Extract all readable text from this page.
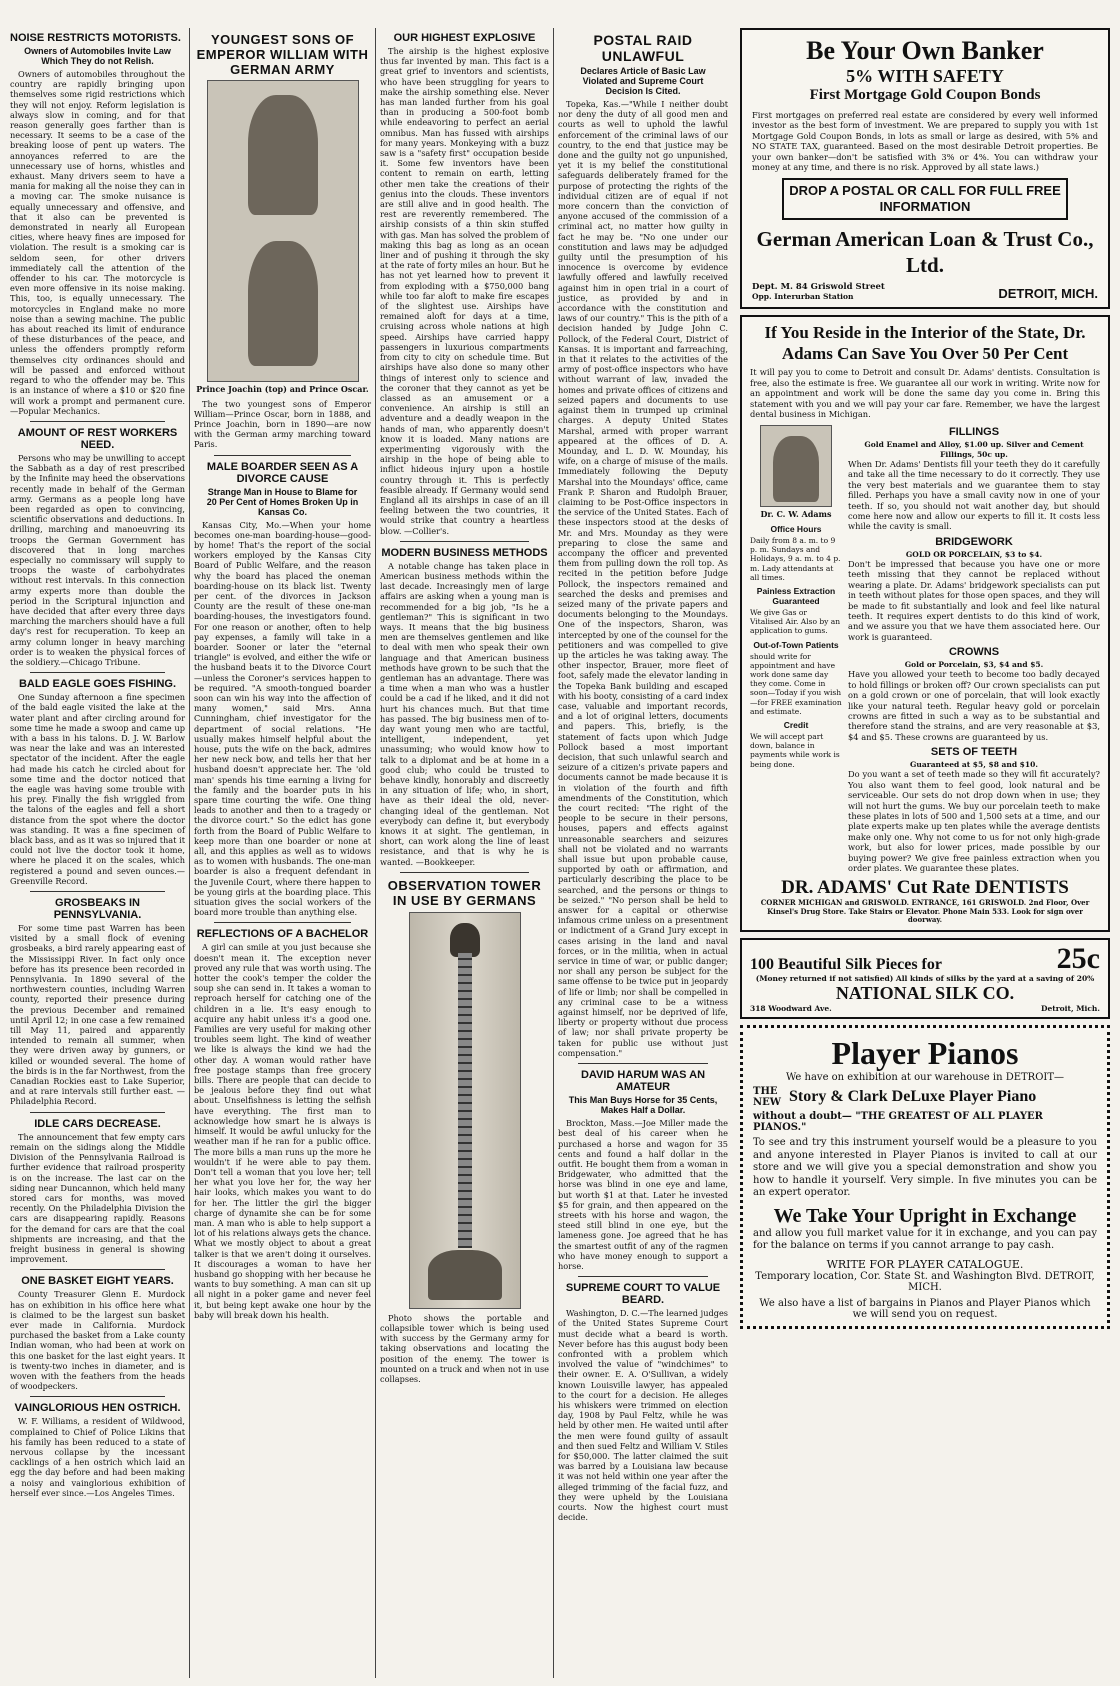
NOISE RESTRICTS MOTORISTS.
Owners of Automobiles Invite Law Which They do not Relish.

Owners of automobiles throughout the country are rapidly bringing upon themselves some rigid restrictions which they will not enjoy. Reform legislation is always slow in coming, and for that reason generally goes farther than is necessary. It seems to be a case of the breaking loose of pent up waters. The annoyances referred to are the unnecessary use of horns, whistles and exhaust. Many drivers seem to have a mania for making all the noise they can in a moving car. The smoke nuisance is equally unnecessary and offensive, and that it also can be prevented is demonstrated in nearly all European cities, where heavy fines are imposed for violation. The result is a smoking car is seldom seen, for other drivers immediately call the attention of the offender to his car. The motorcycle is even more offensive in its noise making. This, too, is equally unnecessary. The motorcycles in England make no more noise than a sewing machine. The public has about reached its limit of endurance of these disturbances of the peace, and unless the offenders promptly reform themselves city ordinances should and will be passed and enforced without regard to who the offender may be. This is an instance of where a $10 or $20 fine will work a prompt and permanent cure.—Popular Mechanics.

AMOUNT OF REST WORKERS NEED.

Persons who may be unwilling to accept the Sabbath as a day of rest prescribed by the Infinite may heed the observations recently made in behalf of the German army. Germans as a people long have been regarded as open to convincing, scientific observations and deductions. In drilling, marching and manoeuvring its troops the German Government has discovered that in long marches especially no commissary will supply to troops the waste of carbohydrates without rest intervals. In this connection army experts more than double the period in the Scriptural injunction and have decided that after every three days marching the marchers should have a full day's rest for recuperation. To keep an army column longer in heavy marching order is to weaken the physical forces of the soldiery.—Chicago Tribune.

BALD EAGLE GOES FISHING.

One Sunday afternoon a fine specimen of the bald eagle visited the lake at the water plant and after circling around for some time he made a swoop and came up with a bass in his talons. D. J. W. Barlow was near the lake and was an interested spectator of the incident. After the eagle had made his catch he circled about for some time and the doctor noticed that the eagle was having some trouble with his prey. Finally the fish wriggled from the talons of the eagles and fell a short distance from the spot where the doctor was standing. It was a fine specimen of black bass, and as it was so injured that it could not live the doctor took it home, where he placed it on the scales, which registered a pound and seven ounces.—Greenville Record.

GROSBEAKS IN PENNSYLVANIA.

For some time past Warren has been visited by a small flock of evening grosbeaks, a bird rarely appearing east of the Mississippi River. In fact only once before has its presence been recorded in Pennsylvania. In 1890 several of the northwestern counties, including Warren county, reported their presence during the previous December and remained until April 12; in one case a few remained till May 11, paired and apparently intended to remain all summer, when they were driven away by gunners, or killed or wounded several. The home of the birds is in the far Northwest, from the Canadian Rockies east to Lake Superior, and at rare intervals still further east. — Philadelphia Record.

IDLE CARS DECREASE.

The announcement that few empty cars remain on the sidings along the Middle Division of the Pennsylvania Railroad is further evidence that railroad prosperity is on the increase. The last car on the siding near Duncannon, which held many stored cars for months, was moved recently. On the Philadelphia Division the cars are disappearing rapidly. Reasons for the demand for cars are that the coal shipments are increasing, and that the freight business in general is showing improvement.

ONE BASKET EIGHT YEARS.

County Treasurer Glenn E. Murdock has on exhibition in his office here what is claimed to be the largest sun basket ever made in California. Murdock purchased the basket from a Lake county Indian woman, who had been at work on this one basket for the last eight years. It is twenty-two inches in diameter, and is woven with the feathers from the heads of woodpeckers.

VAINGLORIOUS HEN OSTRICH.

W. F. Williams, a resident of Wildwood, complained to Chief of Police Likins that his family has been reduced to a state of nervous collapse by the incessant cacklings of a hen ostrich which laid an egg the day before and had been making a noisy and vainglorious exhibition of herself ever since.—Los Angeles Times.

YOUNGEST SONS OF EMPEROR WILLIAM WITH GERMAN ARMY
Prince Joachin (top) and Prince Oscar.

The two youngest sons of Emperor William—Prince Oscar, born in 1888, and Prince Joachin, born in 1890—are now with the German army marching toward Paris.

MALE BOARDER SEEN AS A DIVORCE CAUSE
Strange Man in House to Blame for 20 Per Cent of Homes Broken Up in Kansas Co.

Kansas City, Mo.—When your home becomes one-man boarding-house—good-by home! That's the report of the social workers employed by the Kansas City Board of Public Welfare, and the reason why the board has placed the oneman boarding-house on its black list. Twenty per cent. of the divorces in Jackson County are the result of these one-man boarding-houses, the investigators found. For one reason or another, often to help pay expenses, a family will take in a boarder. Sooner or later the "eternal triangle" is evolved, and either the wife or the husband beats it to the Divorce Court—unless the Coroner's services happen to be required. "A smooth-tongued boarder soon can win his way into the affection of many women," said Mrs. Anna Cunningham, chief investigator for the department of social relations. "He usually makes himself helpful about the house, puts the wife on the back, admires her new neck bow, and tells her that her husband doesn't appreciate her. The 'old man' spends his time earning a living for the family and the boarder puts in his spare time courting the wife. One thing leads to another and then to a tragedy or the divorce court." So the edict has gone forth from the Board of Public Welfare to keep more than one boarder or none at all, and this applies as well as to widows as to women with husbands. The one-man boarder is also a frequent defendant in the Juvenile Court, where there happen to be young girls at the boarding place. This situation gives the social workers of the board more trouble than anything else.

REFLECTIONS OF A BACHELOR

A girl can smile at you just because she doesn't mean it. The exception never proved any rule that was worth using. The hotter the cook's temper the colder the soup she can send in. It takes a woman to reproach herself for catching one of the children in a lie. It's easy enough to acquire any habit unless it's a good one. Families are very useful for making other troubles seem light. The kind of weather we like is always the kind we had the other day. A woman would rather have free postage stamps than free grocery bills. There are people that can decide to be jealous before they find out what about. Unselfishness is letting the selfish have everything. The first man to acknowledge how smart he is always is himself. It would be awful unlucky for the weather man if he ran for a public office. The more bills a man runs up the more he wouldn't if he were able to pay them. Don't tell a woman that you love her; tell her what you love her for, the way her hair looks, which makes you want to do for her. The littler the girl the bigger charge of dynamite she can be for some man. A man who is able to help support a lot of his relations always gets the chance. What we mostly object to about a great talker is that we aren't doing it ourselves. It discourages a woman to have her husband go shopping with her because he wants to buy something. A man can sit up all night in a poker game and never feel it, but being kept awake one hour by the baby will break down his health.

OUR HIGHEST EXPLOSIVE

The airship is the highest explosive thus far invented by man. This fact is a great grief to inventors and scientists, who have been struggling for years to make the airship something else. Never has man landed further from his goal than in producing a 500-foot bomb while endeavoring to perfect an aerial omnibus. Man has fussed with airships for many years. Monkeying with a buzz saw is a "safety first" occupation beside it. Some few inventors have been content to remain on earth, letting other men take the creations of their genius into the clouds. These inventors are still alive and in good health. The rest are reverently remembered. The airship consists of a thin skin stuffed with gas. Man has solved the problem of making this bag as long as an ocean liner and of pushing it through the sky at the rate of forty miles an hour. But he has not yet learned how to prevent it from exploding with a $750,000 bang while too far aloft to make fire escapes of the slightest use. Airships have remained aloft for days at a time, cruising across whole nations at high speed. Airships have carried happy passengers in luxurious compartments from city to city on schedule time. But airships have also done so many other things of interest only to science and the coroner that they cannot as yet be classed as an amusement or a convenience. An airship is still an adventure and a deadly weapon in the hands of man, who apparently doesn't know it is loaded. Many nations are experimenting vigorously with the airship in the hope of being able to inflict hideous injury upon a hostile country through it. This is perfectly feasible already. If Germany would send England all its airships in case of an ill feeling between the two countries, it would strike that country a heartless blow. —Collier's.

MODERN BUSINESS METHODS

A notable change has taken place in American business methods within the last decade. Increasingly men of large affairs are asking when a young man is recommended for a big job, "Is he a gentleman?" This is significant in two ways. It means that the big business men are themselves gentlemen and like to deal with men who speak their own language and that American business methods have grown to be such that the gentleman has an advantage. There was a time when a man who was a hustler could be a cad if he liked, and it did not hurt his chances much. But that time has passed. The big business men of to-day want young men who are tactful, intelligent, independent, yet unassuming; who would know how to talk to a diplomat and be at home in a good club; who could be trusted to behave kindly, honorably and discreetly in any situation of life; who, in short, have as their ideal the old, never-changing ideal of the gentleman. Not everybody can define it, but everybody knows it at sight. The gentleman, in short, can work along the line of least resistance, and that is why he is wanted. —Bookkeeper.

OBSERVATION TOWER IN USE BY GERMANS

Photo shows the portable and collapsible tower which is being used with success by the Germany army for taking observations and locating the position of the enemy. The tower is mounted on a truck and when not in use collapses.

POSTAL RAID UNLAWFUL
Declares Article of Basic Law Violated and Supreme Court Decision Is Cited.

Topeka, Kas.—"While I neither doubt nor deny the duty of all good men and courts as well to uphold the lawful enforcement of the criminal laws of our country, to the end that justice may be done and the guilty not go unpunished, yet it is my belief the constitutional safeguards deliberately framed for the purpose of protecting the rights of the individual citizen are of equal if not more concern than the conviction of anyone accused of the commission of a criminal act, no matter how guilty in fact he may be. "No one under our constitution and laws may be adjudged guilty until the presumption of his innocence is overcome by evidence lawfully offered and lawfully received against him in open trial in a court of justice, as provided by and in accordance with the constitution and laws of our country." This is the pith of a decision handed by Judge John C. Pollock, of the Federal Court, District of Kansas. It is important and farreaching, in that it relates to the activities of the army of post-office inspectors who have without warrant of law, invaded the homes and private offices of citizens and seized papers and documents to use against them in trumped up criminal charges. A deputy United States Marshal, armed with proper warrant appeared at the offices of D. A. Mounday, and L. D. W. Mounday, his wife, on a charge of misuse of the mails. Immediately following the Deputy Marshal into the Moundays' office, came Frank P. Sharon and Rudolph Brauer, claiming to be Post-Office inspectors in the service of the United States. Each of these inspectors stood at the desks of Mr. and Mrs. Mounday as they were preparing to close the same and accompany the officer and prevented them from pulling down the roll top. As recited in the petition before Judge Pollock, the inspectors remained and searched the desks and premises and seized many of the private papers and documents belonging to the Moundays. One of the inspectors, Sharon, was intercepted by one of the counsel for the petitioners and was compelled to give up the articles he was taking away. The other inspector, Brauer, more fleet of foot, safely made the elevator landing in the Topeka Bank building and escaped with his booty, consisting of a card index case, valuable and important records, and a lot of original letters, documents and papers. This, briefly, is the statement of facts upon which Judge Pollock based a most important decision, that such unlawful search and seizure of a citizen's private papers and documents cannot be made because it is in violation of the fourth and fifth amendments of the Constitution, which the court recited: "The right of the people to be secure in their persons, houses, papers and effects against unreasonable searchers and seizures shall not be violated and no warrants shall issue but upon probable cause, supported by oath or affirmation, and particularly describing the place to be searched, and the persons or things to be seized." "No person shall be held to answer for a capital or otherwise infamous crime unless on a presentment or indictment of a Grand Jury except in cases arising in the land and naval forces, or in the militia, when in actual service in time of war, or public danger; nor shall any person be subject for the same offense to be twice put in jeopardy of life or limb; nor shall be compelled in any criminal case to be a witness against himself, nor be deprived of life, liberty or property without due process of law; nor shall private property be taken for public use without just compensation."

DAVID HARUM WAS AN AMATEUR
This Man Buys Horse for 35 Cents, Makes Half a Dollar.

Brockton, Mass.—Joe Miller made the best deal of his career when he purchased a horse and wagon for 35 cents and found a half dollar in the outfit. He bought them from a woman in Bridgewater, who admitted that the horse was blind in one eye and lame, but worth $1 at that. Later he invested $5 for grain, and then appeared on the streets with his horse and wagon, the steed still blind in one eye, but the lameness gone. Joe agreed that he has the smartest outfit of any of the ragmen who have money enough to support a horse.

SUPREME COURT TO VALUE BEARD.

Washington, D. C.—The learned judges of the United States Supreme Court must decide what a beard is worth. Never before has this august body been confronted with a problem which involved the value of "windchimes" to their owner. E. A. O'Sullivan, a widely known Louisville lawyer, has appealed to the court for a decision. He alleges his whiskers were trimmed on election day, 1908 by Paul Feltz, while he was held by other men. He waited until after the men were found guilty of assault and then sued Feltz and William V. Stiles for $50,000. The latter claimed the suit was barred by a Louisiana law because it was not held within one year after the alleged trimming of the facial fuzz, and they were upheld by the Louisiana courts. Now the highest court must decide.

Be Your Own Banker
5% WITH SAFETY
First Mortgage Gold Coupon Bonds
First mortgages on preferred real estate are considered by every well informed investor as the best form of investment. We are prepared to supply you with 1st Mortgage Gold Coupon Bonds, in lots as small or large as desired, with 5% and NO STATE TAX, guaranteed. Based on the most desirable Detroit properties. Be your own banker—don't be satisfied with 3% or 4%. You can withdraw your money at any time, and there is no risk. Approved by all state laws.)
DROP A POSTAL OR CALL FOR FULL FREE INFORMATION
German American Loan & Trust Co., Ltd.
Dept. M. 84 Griswold Street
Opp. Interurban Station	DETROIT, MICH.
If You Reside in the Interior of the State, Dr. Adams Can Save You Over 50 Per Cent
It will pay you to come to Detroit and consult Dr. Adams' dentists. Consultation is free, also the estimate is free. We guarantee all our work in writing. Write now for an appointment and work will be done the same day you come in. Bring this statement with you and we will pay your car fare. Remember, we have the largest dental business in Michigan.
Dr. C. W. Adams
Office Hours
Daily from 8 a. m. to 9 p. m. Sundays and Holidays, 9 a. m. to 4 p. m. Lady attendants at all times.
Painless Extraction Guaranteed
We give Gas or Vitalised Air. Also by an application to gums.
Out-of-Town Patients
should write for appointment and have work done same day they come. Come in soon—Today if you wish—for FREE examination and estimate.
Credit
We will accept part down, balance in payments while work is being done.
FILLINGS
Gold Enamel and Alloy, $1.00 up. Silver and Cement Fillings, 50c up.
When Dr. Adams' Dentists fill your teeth they do it carefully and take all the time necessary to do it correctly. They use the very best materials and we guarantee them to stay filled. Perhaps you have a small cavity now in one of your teeth. If so, you should not wait another day, but should come here now and allow our experts to fill it. It costs less while the cavity is small.
BRIDGEWORK
GOLD OR PORCELAIN, $3 to $4.
Don't be impressed that because you have one or more teeth missing that they cannot be replaced without wearing a plate. Dr. Adams' bridgework specialists can put in teeth without plates for those open spaces, and they will be made to fit substantially and look and feel like natural teeth. It requires expert dentists to do this kind of work, and we assure you that we have them associated here. Our work is guaranteed.
CROWNS
Gold or Porcelain, $3, $4 and $5.
Have you allowed your teeth to become too badly decayed to hold fillings or broken off? Our crown specialists can put on a gold crown or one of porcelain, that will look exactly like your natural teeth. Regular heavy gold or porcelain crowns are fitted in such a way as to be substantial and therefore stand the strains, and are very reasonable at $3, $4 and $5. These crowns are guaranteed by us.
SETS OF TEETH
Guaranteed at $5, $8 and $10.
Do you want a set of teeth made so they will fit accurately? You also want them to feel good, look natural and be serviceable. Our sets do not drop down when in use; they will not hurt the gums. We buy our porcelain teeth to make these plates in lots of 500 and 1,500 sets at a time, and our plate experts make up ten plates while the average dentists make only one. Why not come to us for not only high-grade work, but also for lower prices, made possible by our buying power? We give free painless extraction when you order plates. We guarantee these plates.
DR. ADAMS' Cut Rate DENTISTS
CORNER MICHIGAN and GRISWOLD. ENTRANCE, 161 GRISWOLD. 2nd Floor, Over Kinsel's Drug Store. Take Stairs or Elevator. Phone Main 533. Look for sign over doorway.
100 Beautiful Silk Pieces for	25c
(Money returned if not satisfied) All kinds of silks by the yard at a saving of 20%
NATIONAL SILK CO.
318 Woodward Ave.	Detroit, Mich.
Player Pianos
We have on exhibition at our warehouse in DETROIT—
THE NEW Story & Clark DeLuxe Player Piano
without a doubt— "THE GREATEST OF ALL PLAYER PIANOS."
To see and try this instrument yourself would be a pleasure to you and anyone interested in Player Pianos is invited to call at our store and we will give you a special demonstration and show you how to handle it yourself. Very simple. In five minutes you can be an expert operator.
We Take Your Upright in Exchange
and allow you full market value for it in exchange, and you can pay for the balance on terms if you cannot arrange to pay cash.
WRITE FOR PLAYER CATALOGUE.
Temporary location, Cor. State St. and Washington Blvd. DETROIT, MICH.
We also have a list of bargains in Pianos and Player Pianos which we will send you on request.
